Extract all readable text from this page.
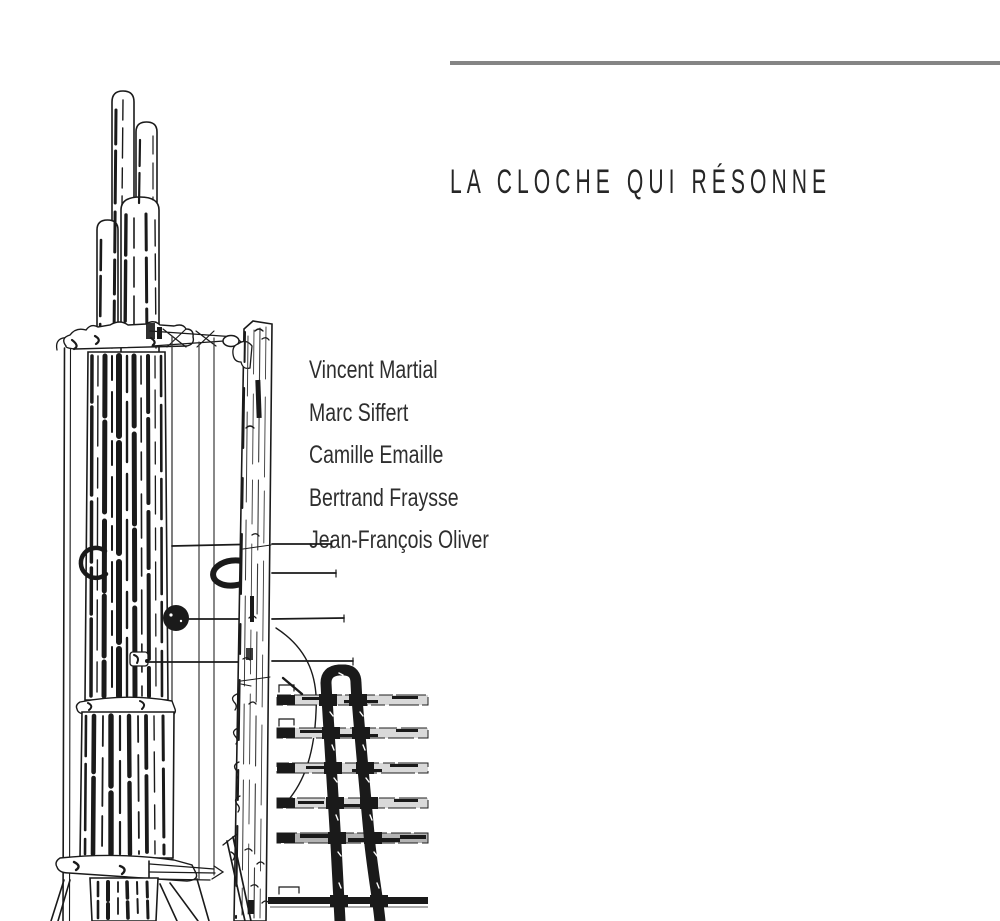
LA CLOCHE QUI RÉSONNE
Vincent Martial
Marc Siffert
Camille Emaille
Bertrand Fraysse
Jean-François Oliver
